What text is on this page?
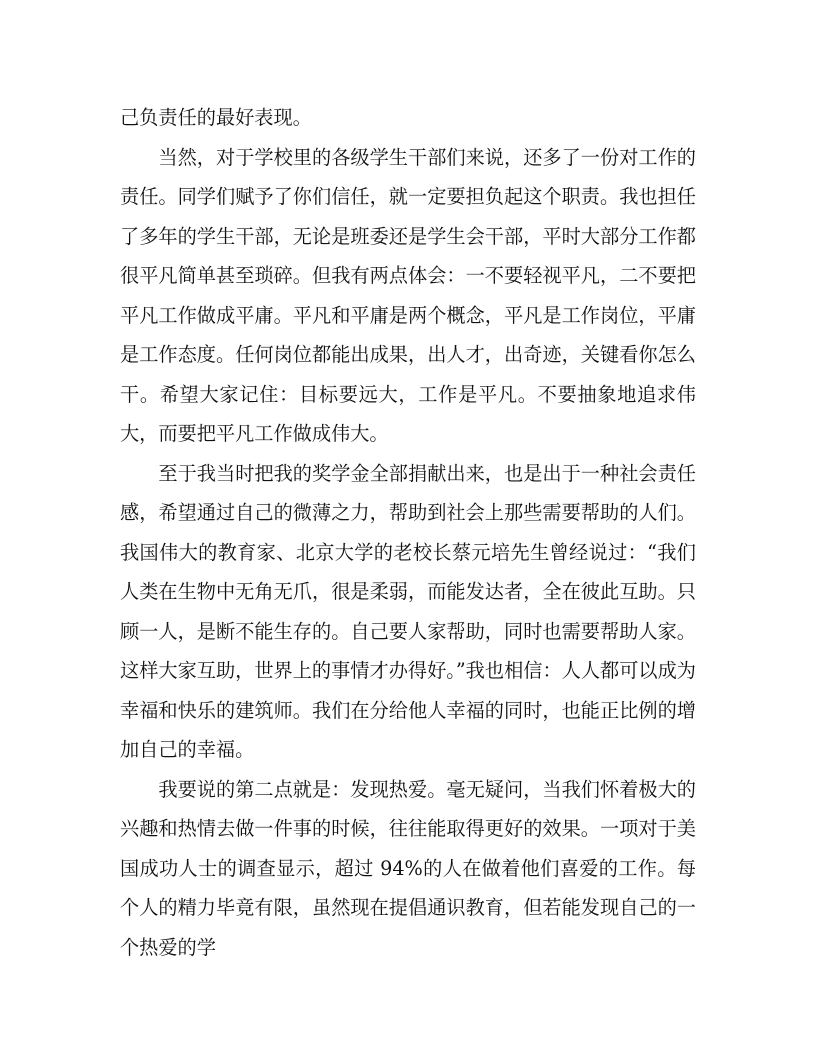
己负责任的最好表现。

当然，对于学校里的各级学生干部们来说，还多了一份对工作的责任。同学们赋予了你们信任，就一定要担负起这个职责。我也担任了多年的学生干部，无论是班委还是学生会干部，平时大部分工作都很平凡简单甚至琐碎。但我有两点体会：一不要轻视平凡，二不要把平凡工作做成平庸。平凡和平庸是两个概念，平凡是工作岗位，平庸是工作态度。任何岗位都能出成果，出人才，出奇迹，关键看你怎么干。希望大家记住：目标要远大，工作是平凡。不要抽象地追求伟大，而要把平凡工作做成伟大。

至于我当时把我的奖学金全部捐献出来，也是出于一种社会责任感，希望通过自己的微薄之力，帮助到社会上那些需要帮助的人们。我国伟大的教育家、北京大学的老校长蔡元培先生曾经说过：“我们人类在生物中无角无爪，很是柔弱，而能发达者，全在彼此互助。只顾一人，是断不能生存的。自己要人家帮助，同时也需要帮助人家。这样大家互助，世界上的事情才办得好。”我也相信：人人都可以成为幸福和快乐的建筑师。我们在分给他人幸福的同时，也能正比例的增加自己的幸福。

我要说的第二点就是：发现热爱。毫无疑问，当我们怀着极大的兴趣和热情去做一件事的时候，往往能取得更好的效果。一项对于美国成功人士的调查显示，超过 94%的人在做着他们喜爱的工作。每个人的精力毕竟有限，虽然现在提倡通识教育，但若能发现自己的一个热爱的学
